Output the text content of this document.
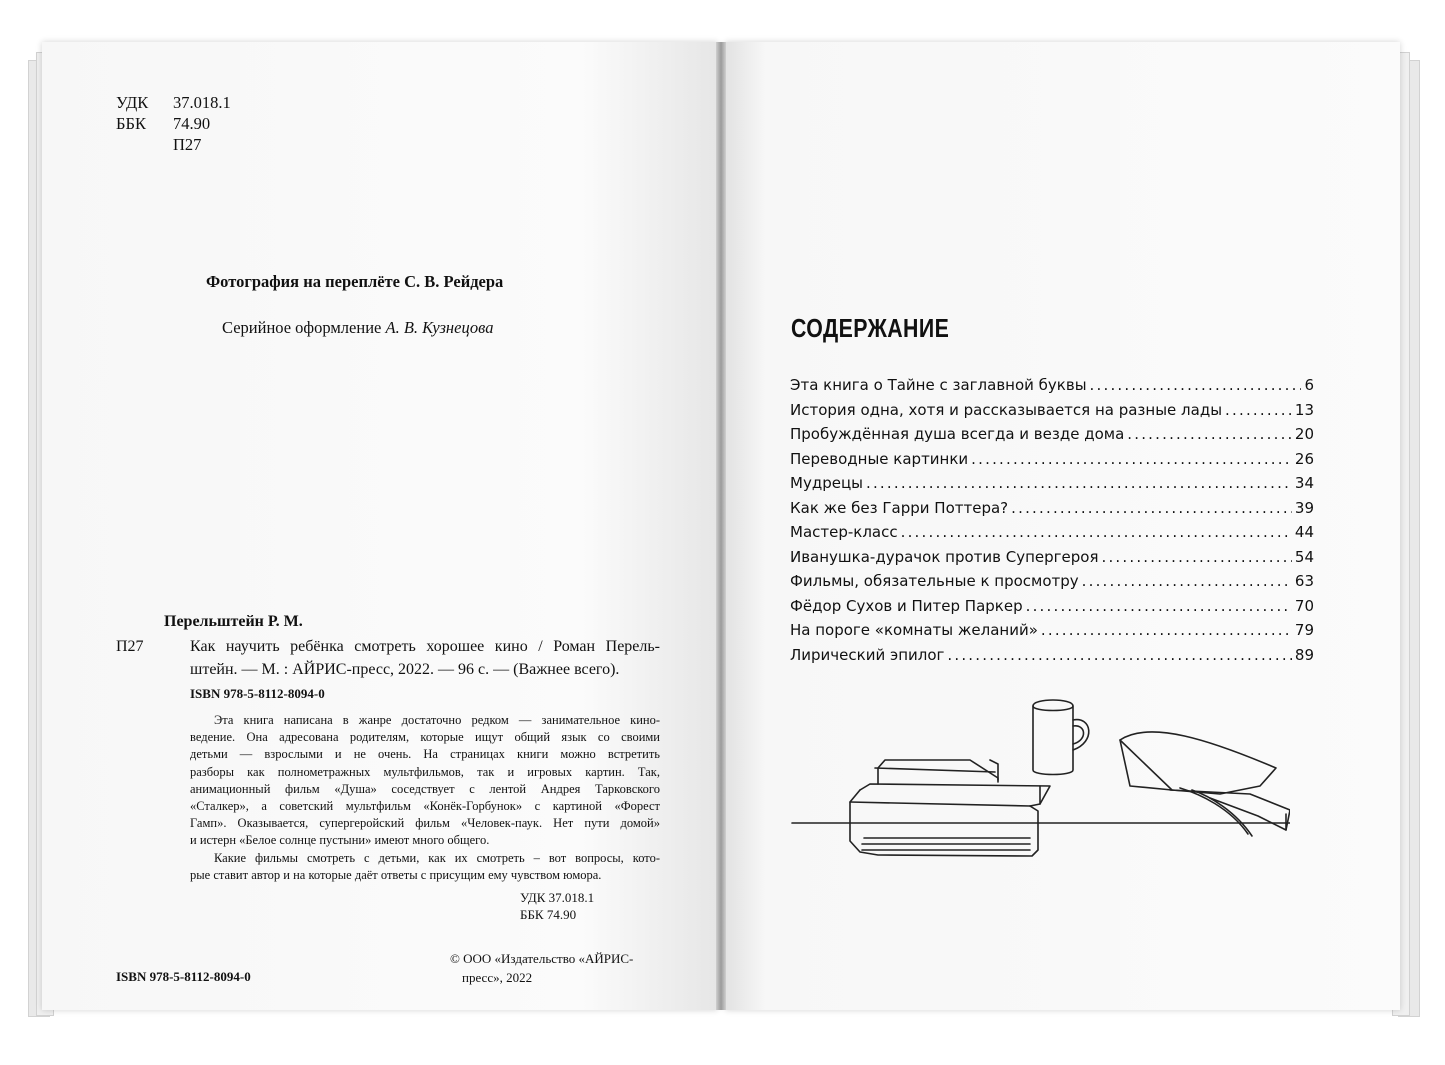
УДК	37.018.1
ББК	74.90
П27
Фотография на переплёте С. В. Рейдера
Серийное оформление А. В. Кузнецова
Перельштейн Р. М.
П27	Как научить ребёнка смотреть хорошее кино / Роман Перель-
штейн. — М. : АЙРИС-пресс, 2022. — 96 с. — (Важнее всего).
ISBN 978-5-8112-8094-0
Эта книга написана в жанре достаточно редком — занимательное кино-
ведение. Она адресована родителям, которые ищут общий язык со своими
детьми — взрослыми и не очень. На страницах книги можно встретить
разборы как полнометражных мультфильмов, так и игровых картин. Так,
анимационный фильм «Душа» соседствует с лентой Андрея Тарковского
«Сталкер», а советский мультфильм «Конёк-Горбунок» с картиной «Форест
Гамп». Оказывается, супергеройский фильм «Человек-паук. Нет пути домой»
и истерн «Белое солнце пустыни» имеют много общего.
Какие фильмы смотреть с детьми, как их смотреть – вот вопросы, кото-
рые ставит автор и на которые даёт ответы с присущим ему чувством юмора.
УДК 37.018.1
ББК 74.90
© ООО «Издательство «АЙРИС-
пресс», 2022
ISBN 978-5-8112-8094-0
СОДЕРЖАНИЕ
Эта книга о Тайне с заглавной буквы .....	6
История одна, хотя и рассказывается на разные лады .....	13
Пробуждённая душа всегда и везде дома .....	20
Переводные картинки .....	26
Мудрецы .....	34
Как же без Гарри Поттера? .....	39
Мастер-класс .....	44
Иванушка-дурачок против Супергероя .....	54
Фильмы, обязательные к просмотру .....	63
Фёдор Сухов и Питер Паркер .....	70
На пороге «комнаты желаний» .....	79
Лирический эпилог .....	89
